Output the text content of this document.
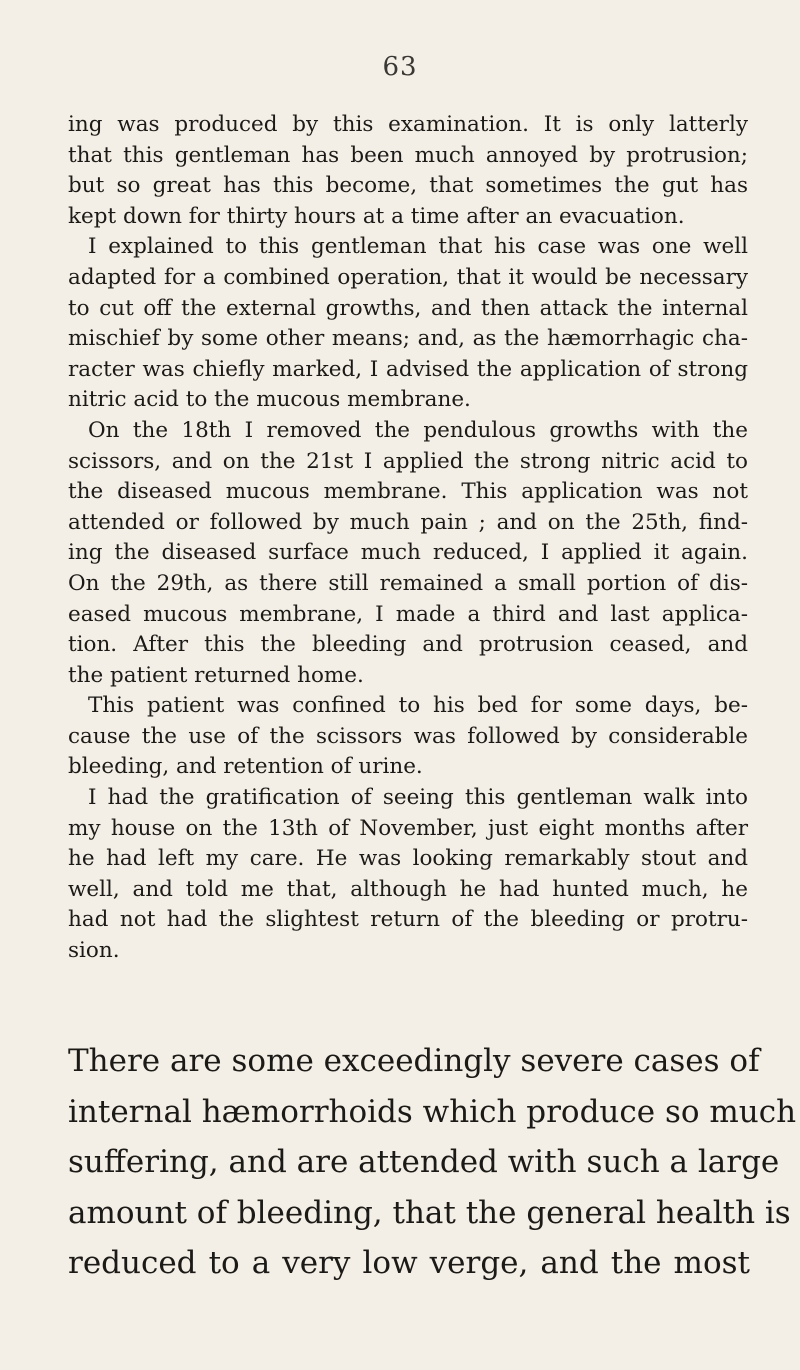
63
ing was produced by this examination. It is only latterly
that this gentleman has been much annoyed by protrusion;
but so great has this become, that sometimes the gut has
kept down for thirty hours at a time after an evacuation.
I explained to this gentleman that his case was one well
adapted for a combined operation, that it would be necessary
to cut off the external growths, and then attack the internal
mischief by some other means; and, as the hæmorrhagic cha-
racter was chiefly marked, I advised the application of strong
nitric acid to the mucous membrane.
On the 18th I removed the pendulous growths with the
scissors, and on the 21st I applied the strong nitric acid to
the diseased mucous membrane. This application was not
attended or followed by much pain ; and on the 25th, find-
ing the diseased surface much reduced, I applied it again.
On the 29th, as there still remained a small portion of dis-
eased mucous membrane, I made a third and last applica-
tion. After this the bleeding and protrusion ceased, and
the patient returned home.
This patient was confined to his bed for some days, be-
cause the use of the scissors was followed by considerable
bleeding, and retention of urine.
I had the gratification of seeing this gentleman walk into
my house on the 13th of November, just eight months after
he had left my care. He was looking remarkably stout and
well, and told me that, although he had hunted much, he
had not had the slightest return of the bleeding or protru-
sion.
There are some exceedingly severe cases of
internal hæmorrhoids which produce so much
suffering, and are attended with such a large
amount of bleeding, that the general health is
reduced to a very low verge, and the most
